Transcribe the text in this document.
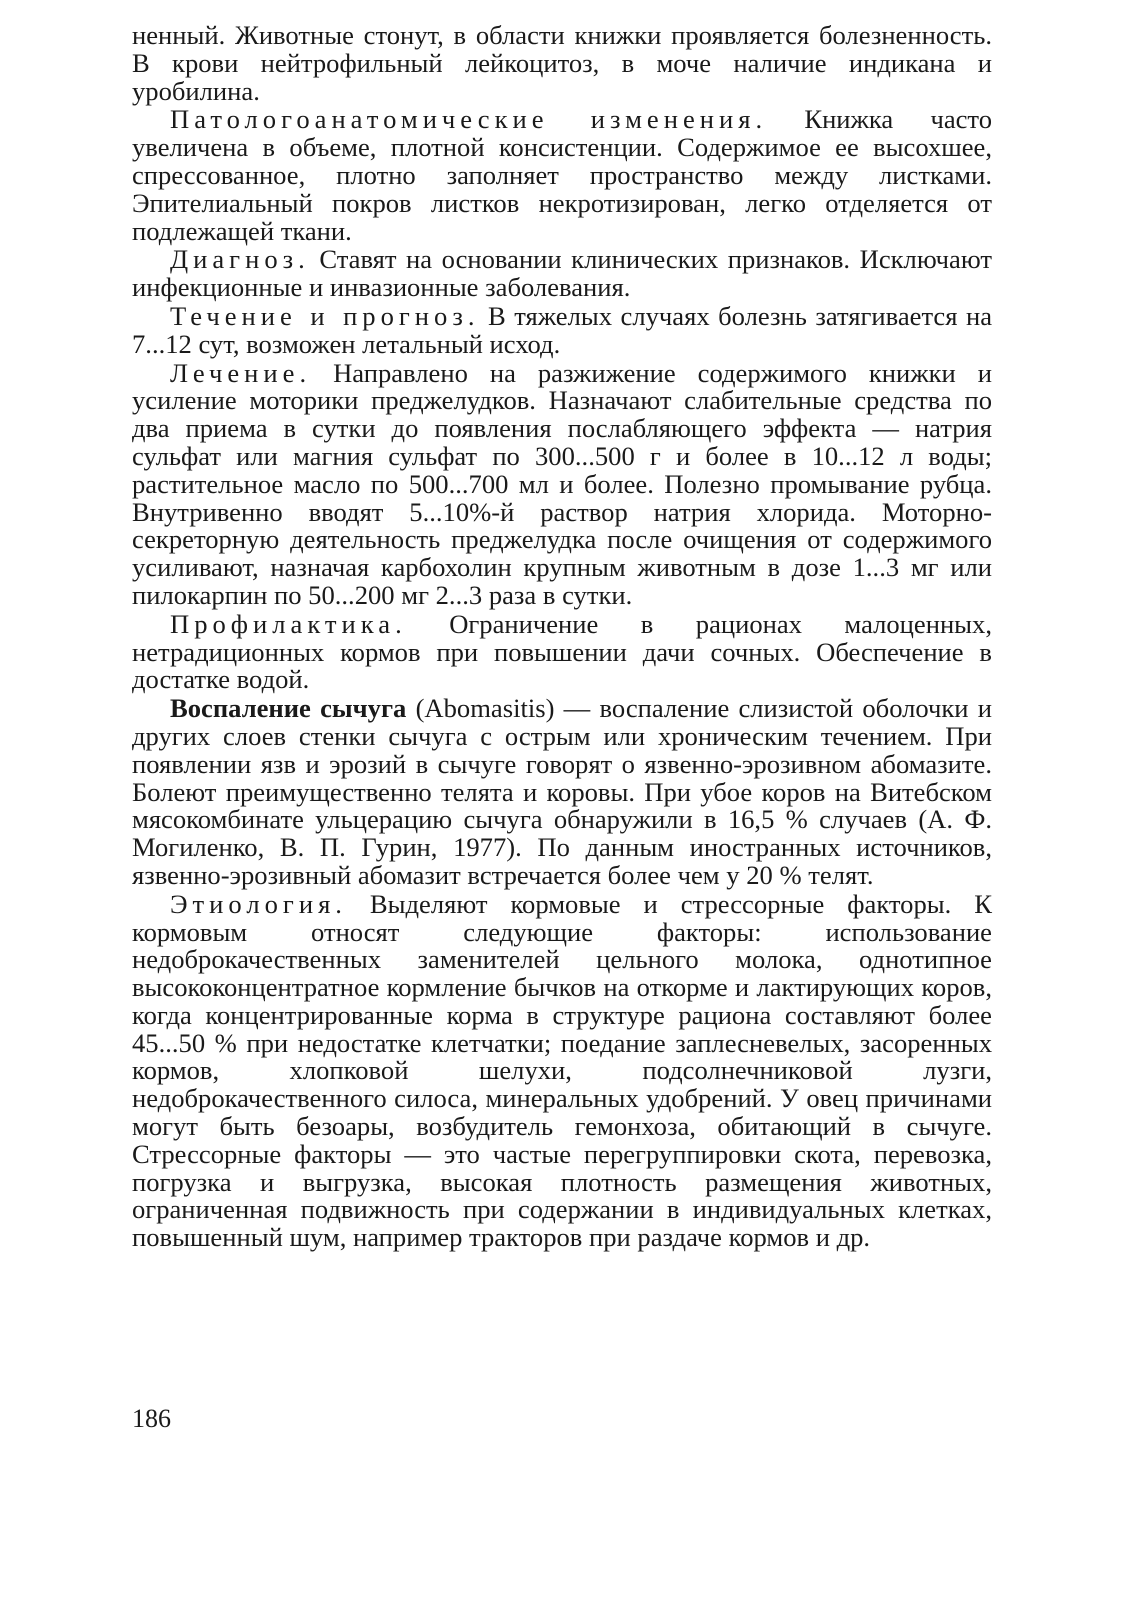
ненный. Животные стонут, в области книжки проявляется болезненность. В крови нейтрофильный лейкоцитоз, в моче наличие индикана и уробилина.

Патологоанатомические изменения. Книжка часто увеличена в объеме, плотной консистенции. Содержимое ее высохшее, спрессованное, плотно заполняет пространство между листками. Эпителиальный покров листков некротизирован, легко отделяется от подлежащей ткани.

Диагноз. Ставят на основании клинических признаков. Исключают инфекционные и инвазионные заболевания.

Течение и прогноз. В тяжелых случаях болезнь затягивается на 7...12 сут, возможен летальный исход.

Лечение. Направлено на разжижение содержимого книжки и усиление моторики преджелудков. Назначают слабительные средства по два приема в сутки до появления послабляющего эффекта — натрия сульфат или магния сульфат по 300...500 г и более в 10...12 л воды; растительное масло по 500...700 мл и более. Полезно промывание рубца. Внутривенно вводят 5...10%-й раствор натрия хлорида. Моторно-секреторную деятельность преджелудка после очищения от содержимого усиливают, назначая карбохолин крупным животным в дозе 1...3 мг или пилокарпин по 50...200 мг 2...3 раза в сутки.

Профилактика. Ограничение в рационах малоценных, нетрадиционных кормов при повышении дачи сочных. Обеспечение в достатке водой.

Воспаление сычуга (Abomasitis) — воспаление слизистой оболочки и других слоев стенки сычуга с острым или хроническим течением. При появлении язв и эрозий в сычуге говорят о язвенно-эрозивном абомазите. Болеют преимущественно телята и коровы. При убое коров на Витебском мясокомбинате ульцерацию сычуга обнаружили в 16,5 % случаев (А. Ф. Могиленко, В. П. Гурин, 1977). По данным иностранных источников, язвенно-эрозивный абомазит встречается более чем у 20 % телят.

Этиология. Выделяют кормовые и стрессорные факторы. К кормовым относят следующие факторы: использование недоброкачественных заменителей цельного молока, однотипное высококонцентратное кормление бычков на откорме и лактирующих коров, когда концентрированные корма в структуре рациона составляют более 45...50 % при недостатке клетчатки; поедание заплесневелых, засоренных кормов, хлопковой шелухи, подсолнечниковой лузги, недоброкачественного силоса, минеральных удобрений. У овец причинами могут быть безоары, возбудитель гемонхоза, обитающий в сычуге. Стрессорные факторы — это частые перегруппировки скота, перевозка, погрузка и выгрузка, высокая плотность размещения животных, ограниченная подвижность при содержании в индивидуальных клетках, повышенный шум, например тракторов при раздаче кормов и др.

186
